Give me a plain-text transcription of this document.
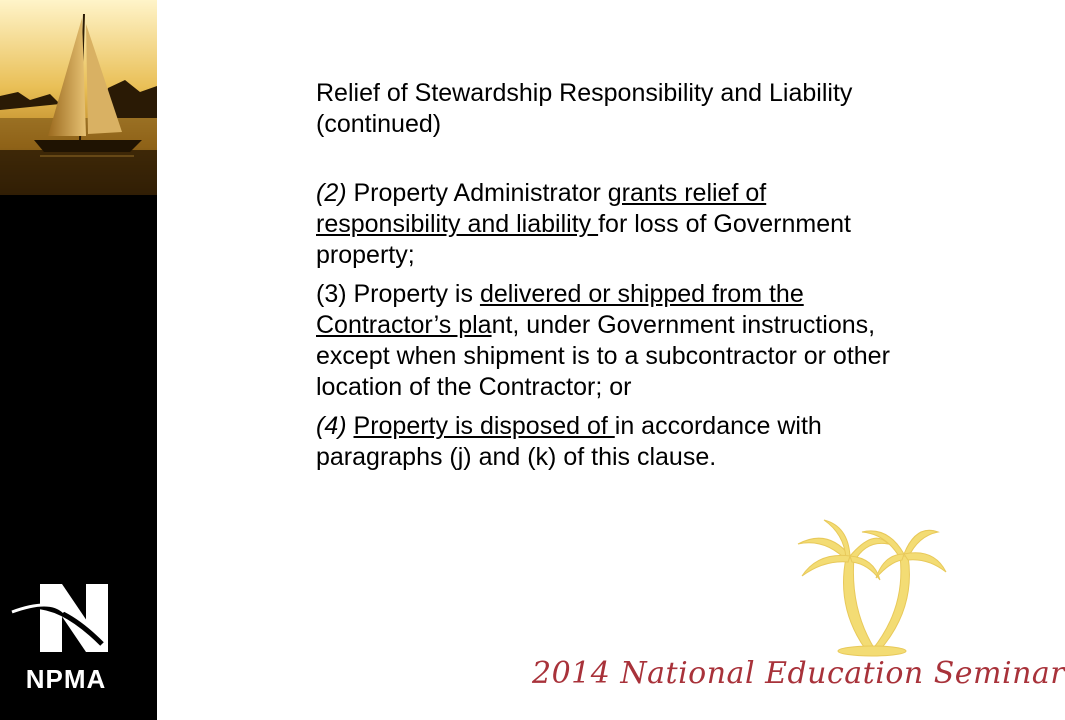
NPMA

Relief of Stewardship Responsibility and Liability (continued)

(2) Property Administrator grants relief of responsibility and liability for loss of Government property;

(3) Property is delivered or shipped from the Contractor’s plant, under Government instructions, except when shipment is to a subcontractor or other location of the Contractor; or

(4) Property is disposed of in accordance with paragraphs (j) and (k) of this clause.

2014 National Education Seminar
